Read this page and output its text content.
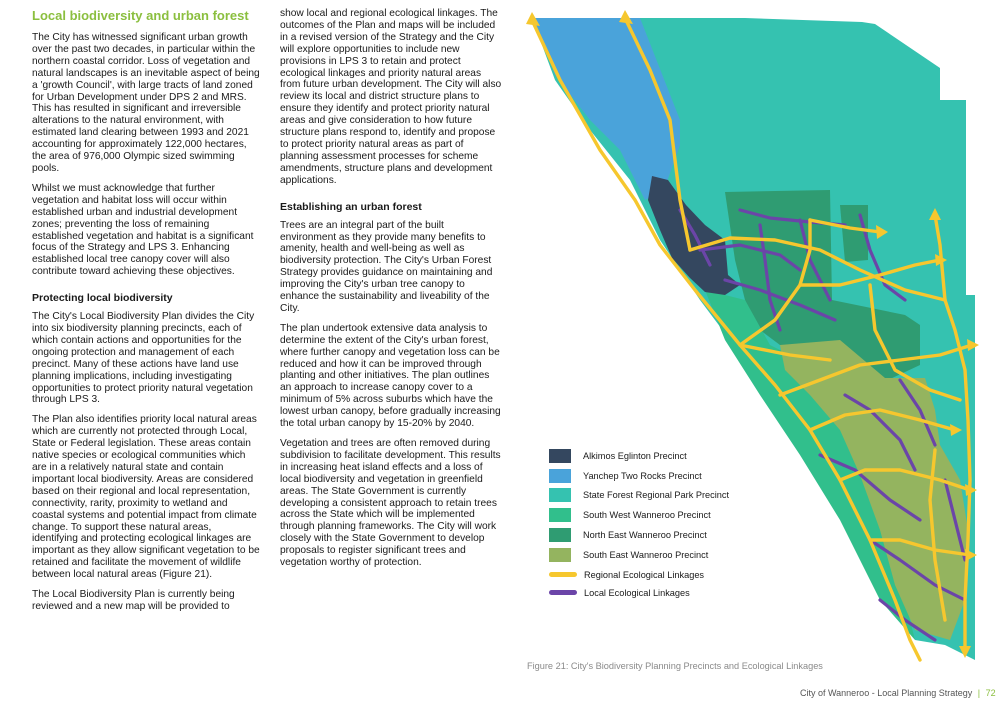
Local biodiversity and urban forest

The City has witnessed significant urban growth over the past two decades, in particular within the northern coastal corridor. Loss of vegetation and natural landscapes is an inevitable aspect of being a 'growth Council', with large tracts of land zoned for Urban Development under DPS 2 and MRS. This has resulted in significant and irreversible alterations to the natural environment, with estimated land clearing between 1993 and 2021 accounting for approximately 122,000 hectares, the area of 976,000 Olympic sized swimming pools.

Whilst we must acknowledge that further vegetation and habitat loss will occur within established urban and industrial development zones; preventing the loss of remaining established vegetation and habitat is a significant focus of the Strategy and LPS 3. Enhancing established local tree canopy cover will also contribute toward achieving these objectives.

Protecting local biodiversity

The City's Local Biodiversity Plan divides the City into six biodiversity planning precincts, each of which contain actions and opportunities for the ongoing protection and management of each precinct. Many of these actions have land use planning implications, including investigating opportunities to protect priority natural vegetation through LPS 3.

The Plan also identifies priority local natural areas which are currently not protected through Local, State or Federal legislation. These areas contain native species or ecological communities which are in a relatively natural state and contain important local biodiversity. Areas are considered based on their regional and local representation, connectivity, rarity, proximity to wetland and coastal systems and potential impact from climate change. To support these natural areas, identifying and protecting ecological linkages are important as they allow significant vegetation to be retained and facilitate the movement of wildlife between local natural areas (Figure 21).

The Local Biodiversity Plan is currently being reviewed and a new map will be provided to

show local and regional ecological linkages. The outcomes of the Plan and maps will be included in a revised version of the Strategy and the City will explore opportunities to include new provisions in LPS 3 to retain and protect ecological linkages and priority natural areas from future urban development. The City will also review its local and district structure plans to ensure they identify and protect priority natural areas and give consideration to how future structure plans respond to, identify and propose to protect priority natural areas as part of planning assessment processes for scheme amendments, structure plans and development applications.

Establishing an urban forest

Trees are an integral part of the built environment as they provide many benefits to amenity, health and well-being as well as biodiversity protection. The City's Urban Forest Strategy provides guidance on maintaining and improving the City's urban tree canopy to enhance the sustainability and liveability of the City.

The plan undertook extensive data analysis to determine the extent of the City's urban forest, where further canopy and vegetation loss can be reduced and how it can be improved through planting and other initiatives. The plan outlines an approach to increase canopy cover to a minimum of 5% across suburbs which have the lowest urban canopy, before gradually increasing the total urban canopy by 15-20% by 2040.

Vegetation and trees are often removed during subdivision to facilitate development. This results in increasing heat island effects and a loss of local biodiversity and vegetation in greenfield areas. The State Government is currently developing a consistent approach to retain trees across the State which will be implemented through planning frameworks. The City will work closely with the State Government to develop proposals to register significant trees and vegetation worthy of protection.

Alkimos Eglinton Precinct
Yanchep Two Rocks Precinct
State Forest Regional Park Precinct
South West Wanneroo Precinct
North East Wanneroo Precinct
South East Wanneroo Precinct
Regional Ecological Linkages
Local Ecological Linkages
Figure 21: City's Biodiversity Planning Precincts and Ecological Linkages
City of Wanneroo - Local Planning Strategy | 72
